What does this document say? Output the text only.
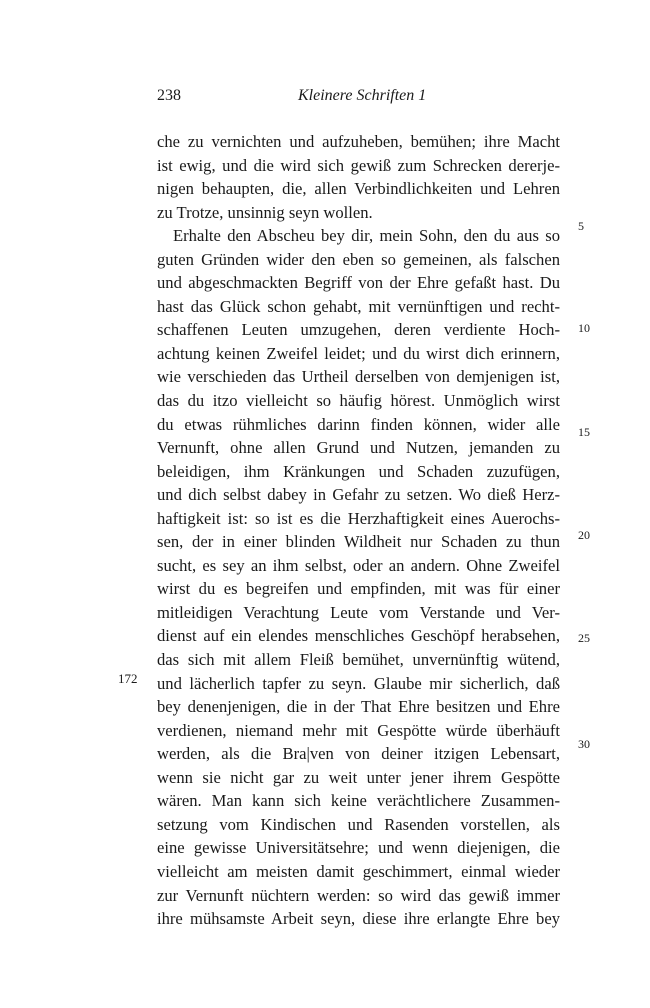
238	Kleinere Schriften 1
che zu vernichten und aufzuheben, bemühen; ihre Macht
ist ewig, und die wird sich gewiß zum Schrecken dererje-
nigen behaupten, die, allen Verbindlichkeiten und Lehren
zu Trotze, unsinnig seyn wollen.
Erhalte den Abscheu bey dir, mein Sohn, den du aus so
guten Gründen wider den eben so gemeinen, als falschen
und abgeschmackten Begriff von der Ehre gefaßt hast. Du
hast das Glück schon gehabt, mit vernünftigen und recht-
schaffenen Leuten umzugehen, deren verdiente Hoch-
achtung keinen Zweifel leidet; und du wirst dich erinnern,
wie verschieden das Urtheil derselben von demjenigen ist,
das du itzo vielleicht so häufig hörest. Unmöglich wirst
du etwas rühmliches darinn finden können, wider alle
Vernunft, ohne allen Grund und Nutzen, jemanden zu
beleidigen, ihm Kränkungen und Schaden zuzufügen,
und dich selbst dabey in Gefahr zu setzen. Wo dieß Herz-
haftigkeit ist: so ist es die Herzhaftigkeit eines Auerochs-
sen, der in einer blinden Wildheit nur Schaden zu thun
sucht, es sey an ihm selbst, oder an andern. Ohne Zweifel
wirst du es begreifen und empfinden, mit was für einer
mitleidigen Verachtung Leute vom Verstande und Ver-
dienst auf ein elendes menschliches Geschöpf herabsehen,
das sich mit allem Fleiß bemühet, unvernünftig wütend,
und lächerlich tapfer zu seyn. Glaube mir sicherlich, daß
bey denenjenigen, die in der That Ehre besitzen und Ehre
verdienen, niemand mehr mit Gespötte würde überhäuft
werden, als die Bra|ven von deiner itzigen Lebensart,
wenn sie nicht gar zu weit unter jener ihrem Gespötte
wären. Man kann sich keine verächtlichere Zusammen-
setzung vom Kindischen und Rasenden vorstellen, als
eine gewisse Universitätsehre; und wenn diejenigen, die
vielleicht am meisten damit geschimmert, einmal wieder
zur Vernunft nüchtern werden: so wird das gewiß immer
ihre mühsamste Arbeit seyn, diese ihre erlangte Ehre bey
5
10
15
20
25
30
172
